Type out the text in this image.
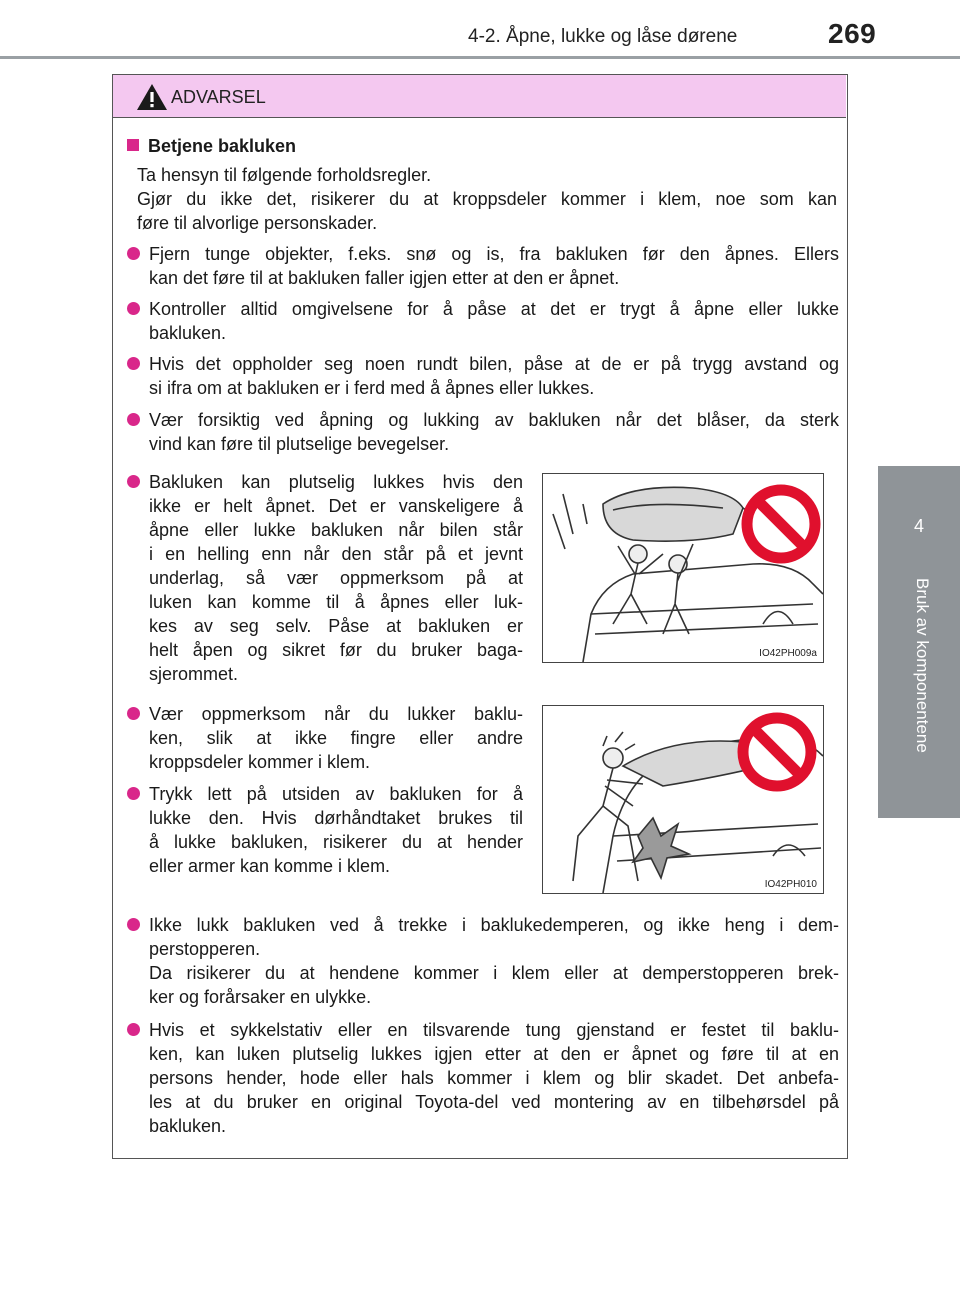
4-2. Åpne, lukke og låse dørene	269
4
Bruk av komponentene
ADVARSEL
Betjene bakluken
Ta hensyn til følgende forholdsregler.
Gjør du ikke det, risikerer du at kroppsdeler kommer i klem, noe som kan
føre til alvorlige personskader.

Fjern tunge objekter, f.eks. snø og is, fra bakluken før den åpnes. Ellers
kan det føre til at bakluken faller igjen etter at den er åpnet.

Kontroller alltid omgivelsene for å påse at det er trygt å åpne eller lukke
bakluken.

Hvis det oppholder seg noen rundt bilen, påse at de er på trygg avstand og
si ifra om at bakluken er i ferd med å åpnes eller lukkes.

Vær forsiktig ved åpning og lukking av bakluken når det blåser, da sterk
vind kan føre til plutselige bevegelser.

Bakluken kan plutselig lukkes hvis den
ikke er helt åpnet. Det er vanskeligere å
åpne eller lukke bakluken når bilen står
i en helling enn når den står på et jevnt
underlag, så vær oppmerksom på at
luken kan komme til å åpnes eller luk-
kes av seg selv. Påse at bakluken er
helt åpen og sikret før du bruker baga-
sjerommet.

IO42PH009a

Vær oppmerksom når du lukker baklu-
ken, slik at ikke fingre eller andre
kroppsdeler kommer i klem.

Trykk lett på utsiden av bakluken for å
lukke den. Hvis dørhåndtaket brukes til
å lukke bakluken, risikerer du at hender
eller armer kan komme i klem.

IO42PH010

Ikke lukk bakluken ved å trekke i baklukedemperen, og ikke heng i dem-
perstopperen.
Da risikerer du at hendene kommer i klem eller at demperstopperen brek-
ker og forårsaker en ulykke.

Hvis et sykkelstativ eller en tilsvarende tung gjenstand er festet til baklu-
ken, kan luken plutselig lukkes igjen etter at den er åpnet og føre til at en
persons hender, hode eller hals kommer i klem og blir skadet. Det anbefa-
les at du bruker en original Toyota-del ved montering av en tilbehørsdel på
bakluken.
